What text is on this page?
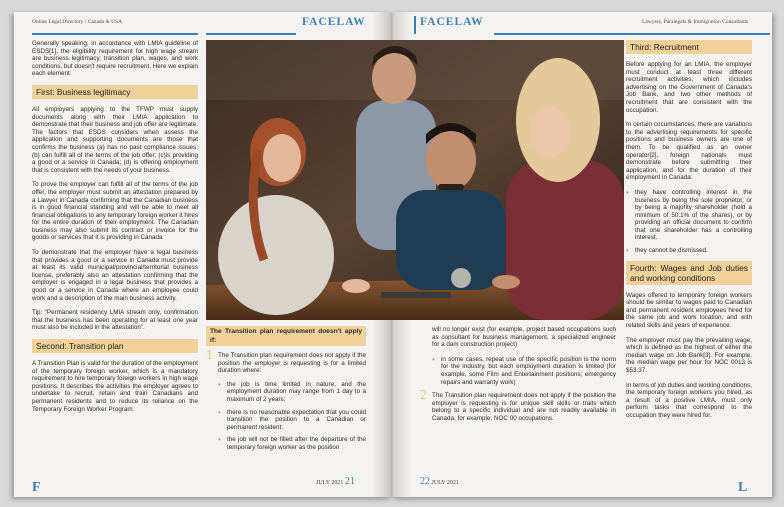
Online Legal Directory / Canada & USA	FACELAW	FACELAW	Lawyers, Paralegals & Immigration Consultants

Generally speaking, in accordance with LMIA guideline of ESDS[1], the eligibility requirement for high wage stream are business legitimacy, transition plan, wages, and work conditions, but doesn't require recruitment. Here we explain each element:

First: Business legitimacy

All employers applying to the TFWP must supply documents along with their LMIA application to demonstrate that their business and job offer are legitimate. The factors that ESDS considers when assess the application and supporting documents are those that confirms the business (a) has no past compliance issues; (b) can fulfill all of the terms of the job offer; (c)is providing a good or a service in Canada; (d) is offering employment that is consistent with the needs of your business.

To prove the employer can fulfill all of the terms of the job offer, the employer must submit an attestation prepared by a Lawyer in Canada confirming that the Canadian business is in good financial standing and will be able to meet all financial obligations to any temporary foreign worker it hires for the entire duration of their employment. The Canadian business may also submit its contract or invoice for the goods or services that it is providing in Canada

To demonstrate that the employer have a legal business that provides a good or a service in Canada must provide at least its valid municipal/provincial/territorial business license, preferably also an attestation confirming that the employer is engaged in a legal business that provides a good or a service in Canada where an employee could work and a description of the main business activity.

Tip: “Permanent residency LMIA stream only, confirmation that the business has been operating for at least one year must also be included in the attestation”.

Second: Transition plan

A Transition Plan is valid for the duration of the employment of the temporary foreign worker, which is a mandatory requirement to hire temporary foreign workers in high wage positions. It describes the activities the employer agrees to undertake to recruit, retain and train Canadians and permanent residents and to reduce its reliance on the Temporary Foreign Worker Program.

The Transition plan requirement doesn't apply if:
1 The Transition plan requirement does not apply if the position the employer is requesting is for a limited duration where:
• the job is time limited in nature, and the employment duration may range from 1 day to a maximum of 2 years;
• there is no reasonable expectation that you could transition the position to a Canadian or permanent resident;
• the job will not be filled after the departure of the temporary foreign worker as the position

will no longer exist (for example, project based occupations such as consultant for business management, a specialized engineer for a dam construction project)

• in some cases, repeat use of the specific position is the norm for the industry, but each employment duration is limited (for example, some Film and Entertainment positions; emergency repairs and warranty work)
2 The Transition plan requirement does not apply if the position the employer is requesting is for unique skill skills or traits which belong to a specific individual and are not readily available in Canada, for example, NOC 00 occupations.
Third: Recruitment

Before applying for an LMIA, the employer must conduct at least three different recruitment activities, which includes advertising on the Government of Canada's Job Bank, and two other methods of recruitment that are consistent with the occupation.

In certain circumstances, there are variations to the advertising requirements for specific positions and business owners are one of them. To be qualified as an owner operator[2], foreign nationals must demonstrate before submitting their application, and for the duration of their employment in Canada:

• they have controlling interest in the business by being the sole proprietor, or by being a majority shareholder (hold a minimum of 50.1% of the shares), or by providing an official document to confirm that one shareholder has a controlling interest.
• they cannot be dismissed.
Fourth: Wages and Job duties and working conditions

Wages offered to temporary foreign workers should be similar to wages paid to Canadian and permanent resident employees hired for the same job and work location, and with related skills and years of experience.

The employer must pay the prevailing wage, which is defined as the highest of either the median wage on Job Bank[3]. For example, the median wage per hour for NOC 0013 is $53.37.

In terms of job duties and working conditions, the temporary foreign workers you hired, as a result of a positive LMIA, must only perform tasks that correspond to the occupation they were hired for.

JULY 2021 21	22 JULY 2021
F	L
